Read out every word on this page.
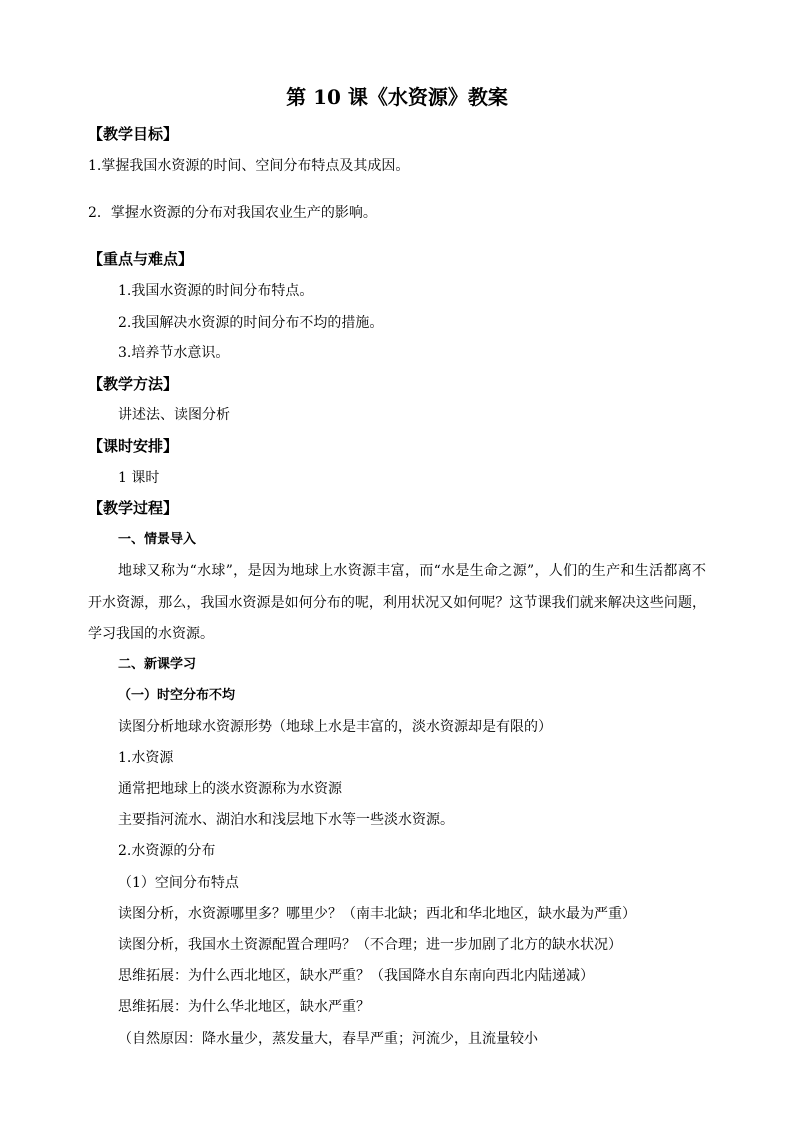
第 10 课《水资源》教案
【教学目标】
1.掌握我国水资源的时间、空间分布特点及其成因。
2．掌握水资源的分布对我国农业生产的影响。
【重点与难点】
1.我国水资源的时间分布特点。
2.我国解决水资源的时间分布不均的措施。
3.培养节水意识。
【教学方法】
讲述法、读图分析
【课时安排】
1 课时
【教学过程】
一、情景导入
地球又称为“水球”，是因为地球上水资源丰富，而“水是生命之源”，人们的生产和生活都离不
开水资源，那么，我国水资源是如何分布的呢，利用状况又如何呢？这节课我们就来解决这些问题，
学习我国的水资源。
二、新课学习
（一）时空分布不均
读图分析地球水资源形势（地球上水是丰富的，淡水资源却是有限的）
1.水资源
通常把地球上的淡水资源称为水资源
主要指河流水、湖泊水和浅层地下水等一些淡水资源。
2.水资源的分布
（1）空间分布特点
读图分析，水资源哪里多？哪里少？（南丰北缺；西北和华北地区，缺水最为严重）
读图分析，我国水土资源配置合理吗？（不合理；进一步加剧了北方的缺水状况）
思维拓展：为什么西北地区，缺水严重？（我国降水自东南向西北内陆递减）
思维拓展：为什么华北地区，缺水严重？
（自然原因：降水量少，蒸发量大，春旱严重；河流少，且流量较小
